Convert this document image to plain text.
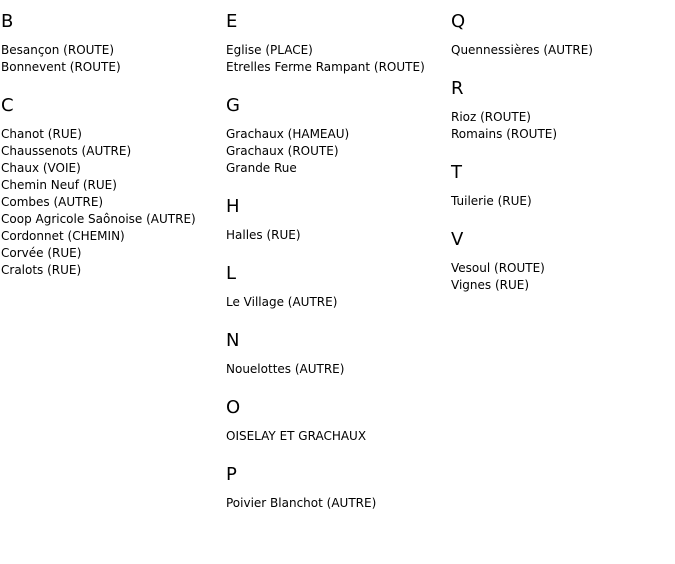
B
Besançon (ROUTE)
Bonnevent (ROUTE)
C
Chanot (RUE)
Chaussenots (AUTRE)
Chaux (VOIE)
Chemin Neuf (RUE)
Combes (AUTRE)
Coop Agricole Saônoise (AUTRE)
Cordonnet (CHEMIN)
Corvée (RUE)
Cralots (RUE)
E
Eglise (PLACE)
Etrelles Ferme Rampant (ROUTE)
G
Grachaux (HAMEAU)
Grachaux (ROUTE)
Grande Rue
H
Halles (RUE)
L
Le Village (AUTRE)
N
Nouelottes (AUTRE)
O
OISELAY ET GRACHAUX
P
Poivier Blanchot (AUTRE)
Q
Quennessières (AUTRE)
R
Rioz (ROUTE)
Romains (ROUTE)
T
Tuilerie (RUE)
V
Vesoul (ROUTE)
Vignes (RUE)
